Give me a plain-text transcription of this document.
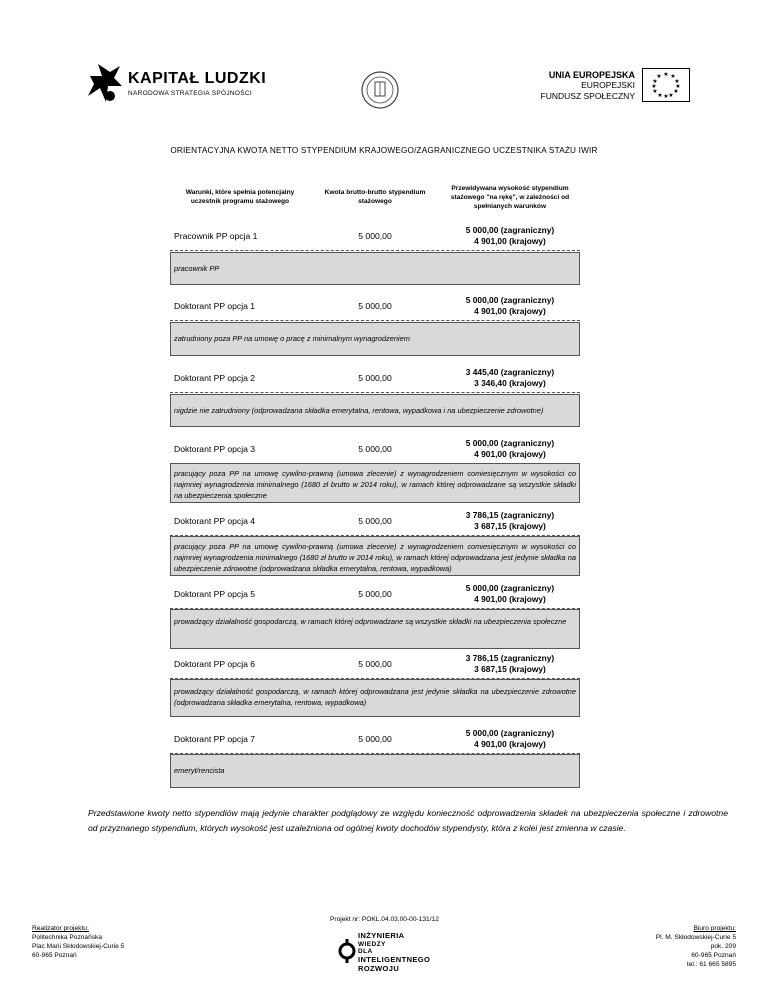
KAPITAŁ LUDZKI
NARODOWA STRATEGIA SPÓJNOŚCI
UNIA EUROPEJSKA
EUROPEJSKI
FUNDUSZ SPOŁECZNY
★ ★
★
★
★
★
★
★
★
★
★
★
ORIENTACYJNA KWOTA NETTO STYPENDIUM KRAJOWEGO/ZAGRANICZNEGO UCZESTNIKA STAŻU IWIR
Warunki, które spełnia potencjalny uczestnik programu stażowego
Kwota brutto-brutto stypendium stażowego
Przewidywana wysokość stypendium stażowego "na rękę", w zależności od spełnianych warunków
Pracownik PP opcja 1	5 000,00
5 000,00 (zagraniczny)
4 901,00 (krajowy)
pracownik PP
Doktorant PP opcja 1	5 000,00
5 000,00 (zagraniczny)
4 901,00 (krajowy)
zatrudniony poza PP na umowę o pracę z minimalnym wynagrodzeniem
Doktorant PP opcja 2	5 000,00
3 445,40 (zagraniczny)
3 346,40 (krajowy)
nigdzie nie zatrudniony (odprowadzana składka emerytalna, rentowa, wypadkowa i na ubezpieczenie zdrowotne)
Doktorant PP opcja 3	5 000,00
5 000,00 (zagraniczny)
4 901,00 (krajowy)
pracujący poza PP na umowę cywilno-prawną (umowa zlecenie) z wynagrodzeniem comiesięcznym w wysokości co najmniej wynagrodzenia minimalnego (1680 zł brutto w 2014 roku), w ramach której odprowadzane są wszystkie składki na ubezpieczenia społeczne
Doktorant PP opcja 4	5 000,00
3 786,15 (zagraniczny)
3 687,15 (krajowy)
pracujący poza PP na umowę cywilno-prawną (umowa zlecenie) z wynagrodzeniem comiesięcznym w wysokości co najmniej wynagrodzenia minimalnego (1680 zł brutto w 2014 roku), w ramach której odprowadzana jest jedynie składka na ubezpieczenie zdrowotne (odprowadzana składka emerytalna, rentowa, wypadkowa)
Doktorant PP opcja 5	5 000,00
5 000,00 (zagraniczny)
4 901,00 (krajowy)
prowadzący działalność gospodarczą, w ramach której odprowadzane są wszystkie składki na ubezpieczenia społeczne
Doktorant PP opcja 6	5 000,00
3 786,15 (zagraniczny)
3 687,15 (krajowy)
prowadzący działalność gospodarczą, w ramach której odprowadzana jest jedynie składka na ubezpieczenie zdrowotne (odprowadzana składka emerytalna, rentowa, wypadkowa)
Doktorant PP opcja 7	5 000,00
5 000,00 (zagraniczny)
4 901,00 (krajowy)
emeryt/rencista
Przedstawione kwoty netto stypendiów mają jedynie charakter podglądowy ze względu konieczność odprowadzenia składek na ubezpieczenia społeczne i zdrowotne od przyznanego stypendium, których wysokość jest uzależniona od ogólnej kwoty dochodów stypendysty, która z kolei jest zmienna w czasie.
Projekt nr: POKL.04.03.00-00-131/12
Realizator projektu:
Politechnika Poznańska
Plac Marii Skłodowskiej-Curie 5
60-965 Poznań
INŻYNIERIA
WIEDZY
DLA
INTELIGENTNEGO
ROZWOJU
Biuro projektu:
Pl. M. Skłodowskiej-Curie 5
pok. 209
60-965 Poznań
tel.: 61 665 5895
